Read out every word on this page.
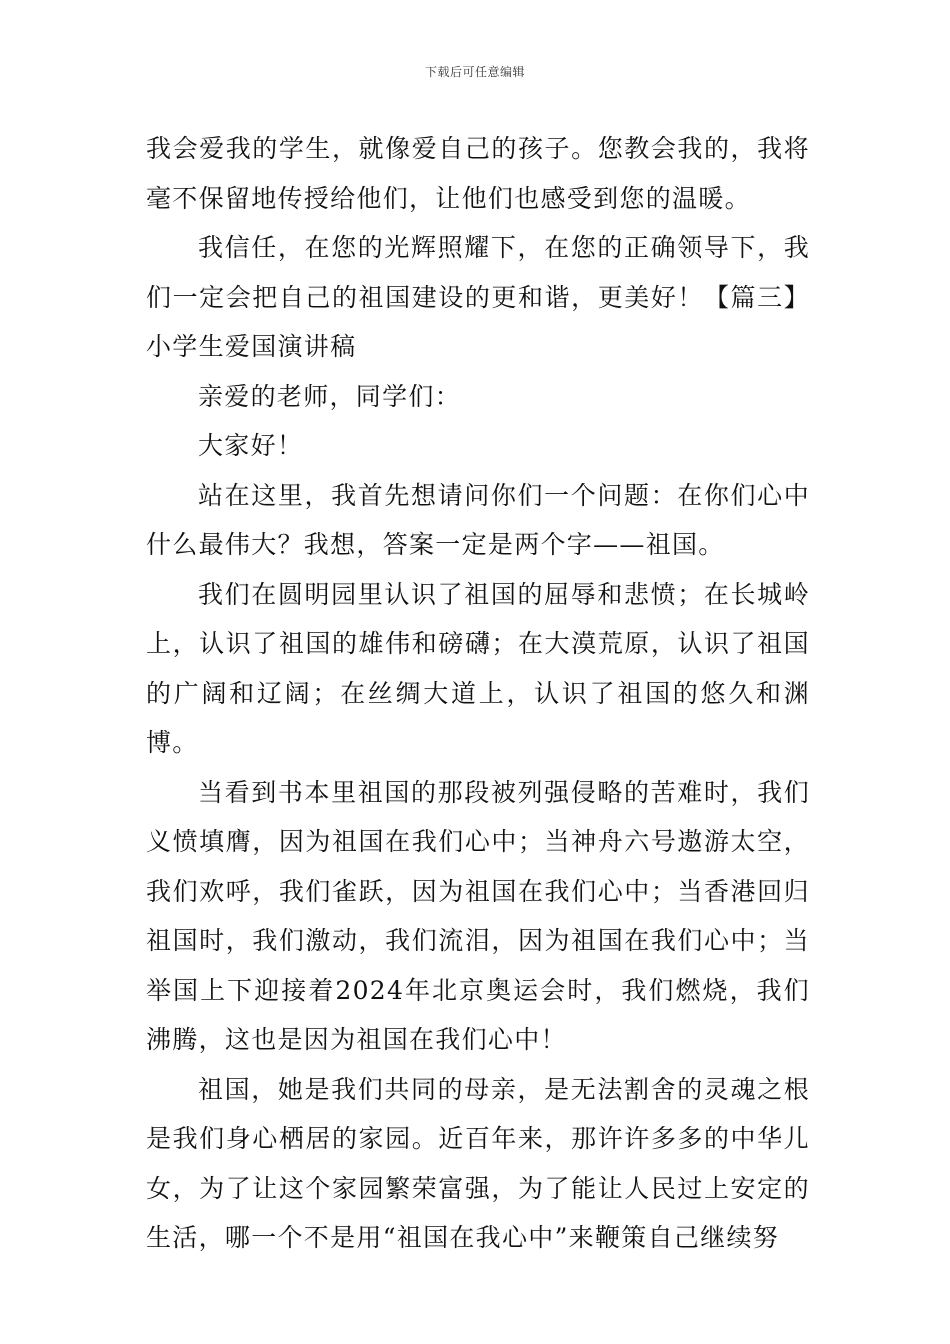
下载后可任意编辑

我会爱我的学生，就像爱自己的孩子。您教会我的，我将毫不保留地传授给他们，让他们也感受到您的温暖。

我信任，在您的光辉照耀下，在您的正确领导下，我们一定会把自己的祖国建设的更和谐，更美好！【篇三】小学生爱国演讲稿

亲爱的老师，同学们：

大家好！

站在这里，我首先想请问你们一个问题：在你们心中什么最伟大？我想，答案一定是两个字——祖国。

我们在圆明园里认识了祖国的屈辱和悲愤；在长城岭上，认识了祖国的雄伟和磅礴；在大漠荒原，认识了祖国的广阔和辽阔；在丝绸大道上，认识了祖国的悠久和渊博。

当看到书本里祖国的那段被列强侵略的苦难时，我们义愤填膺，因为祖国在我们心中；当神舟六号遨游太空，我们欢呼，我们雀跃，因为祖国在我们心中；当香港回归祖国时，我们激动，我们流泪，因为祖国在我们心中；当举国上下迎接着2024年北京奥运会时，我们燃烧，我们沸腾，这也是因为祖国在我们心中！

祖国，她是我们共同的母亲，是无法割舍的灵魂之根是我们身心栖居的家园。近百年来，那许许多多的中华儿女，为了让这个家园繁荣富强，为了能让人民过上安定的生活，哪一个不是用“祖国在我心中”来鞭策自己继续努
